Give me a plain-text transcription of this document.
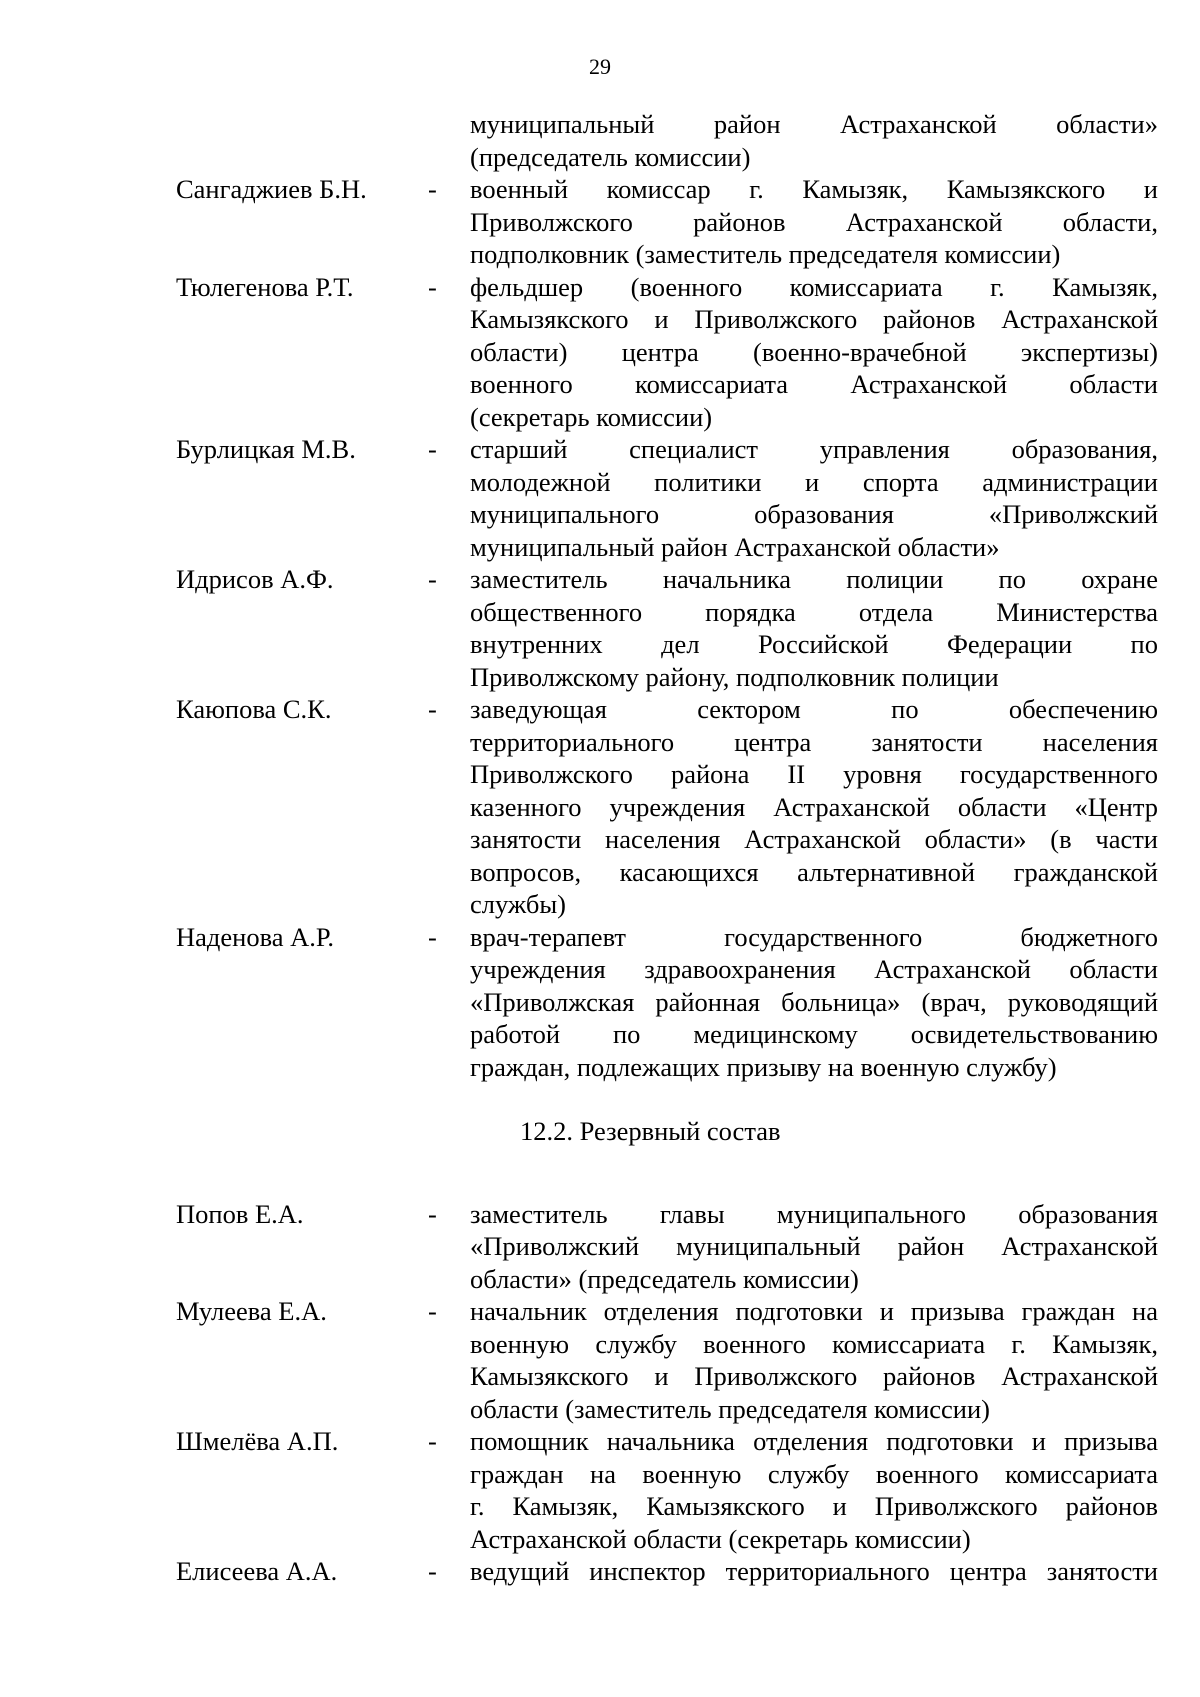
29
муниципальный район Астраханской области»
(председатель комиссии)
Сангаджиев Б.Н. - военный комиссар г. Камызяк, Камызякского и
Приволжского районов Астраханской области,
подполковник (заместитель председателя комиссии)
Тюлегенова Р.Т.	- фельдшер (военного комиссариата г. Камызяк,
Камызякского и Приволжского районов Астраханской
области) центра (военно-врачебной экспертизы)
военного комиссариата Астраханской области
(секретарь комиссии)
Бурлицкая М.В.	- старший специалист управления образования,
молодежной политики и спорта администрации
муниципального образования «Приволжский
муниципальный район Астраханской области»
Идрисов А.Ф.	- заместитель начальника полиции по охране
общественного порядка отдела Министерства
внутренних дел Российской Федерации по
Приволжскому району, подполковник полиции
Каюпова С.К.	- заведующая сектором по обеспечению
территориального центра занятости населения
Приволжского района II уровня государственного
казенного учреждения Астраханской области «Центр
занятости населения Астраханской области» (в части
вопросов, касающихся альтернативной гражданской
службы)
Наденова А.Р.	- врач-терапевт государственного бюджетного
учреждения здравоохранения Астраханской области
«Приволжская районная больница» (врач, руководящий
работой по медицинскому освидетельствованию
граждан, подлежащих призыву на военную службу)
12.2. Резервный состав
Попов Е.А.	- заместитель главы муниципального образования
«Приволжский муниципальный район Астраханской
области» (председатель комиссии)
Мулеева Е.А.	- начальник отделения подготовки и призыва граждан на
военную службу военного комиссариата г. Камызяк,
Камызякского и Приволжского районов Астраханской
области (заместитель председателя комиссии)
Шмелёва А.П.	- помощник начальника отделения подготовки и призыва
граждан на военную службу военного комиссариата
г. Камызяк, Камызякского и Приволжского районов
Астраханской области (секретарь комиссии)
Елисеева А.А.	- ведущий инспектор территориального центра занятости
